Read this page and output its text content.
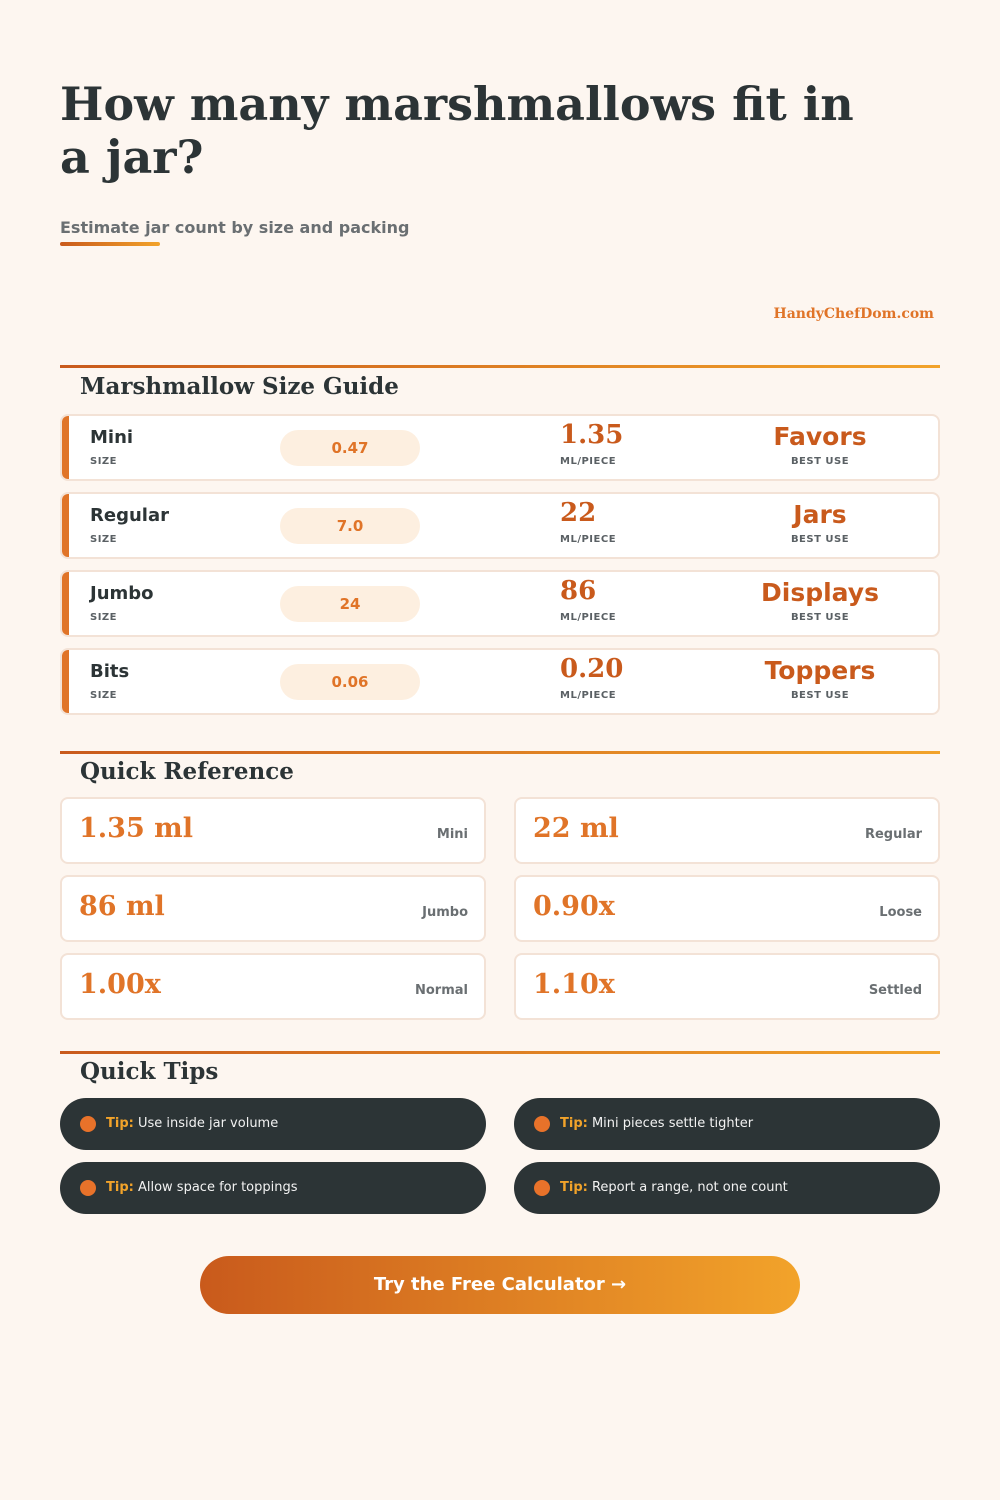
How many marshmallows fit in a jar?
Estimate jar count by size and packing
HandyChefDom.com
Marshmallow Size Guide
Mini
SIZE
0.47	1.35
ML/PIECE
Favors
BEST USE
Regular
SIZE
7.0	22
ML/PIECE
Jars
BEST USE
Jumbo
SIZE
24	86
ML/PIECE
Displays
BEST USE
Bits
SIZE
0.06	0.20
ML/PIECE
Toppers
BEST USE
Quick Reference
1.35 ml	Mini 22 ml	Regular
86 ml	Jumbo 0.90x	Loose
1.00x	Normal 1.10x	Settled
Quick Tips
Tip: Use inside jar volume	Tip: Mini pieces settle tighter
Tip: Allow space for toppings	Tip: Report a range, not one count
Try the Free Calculator →
